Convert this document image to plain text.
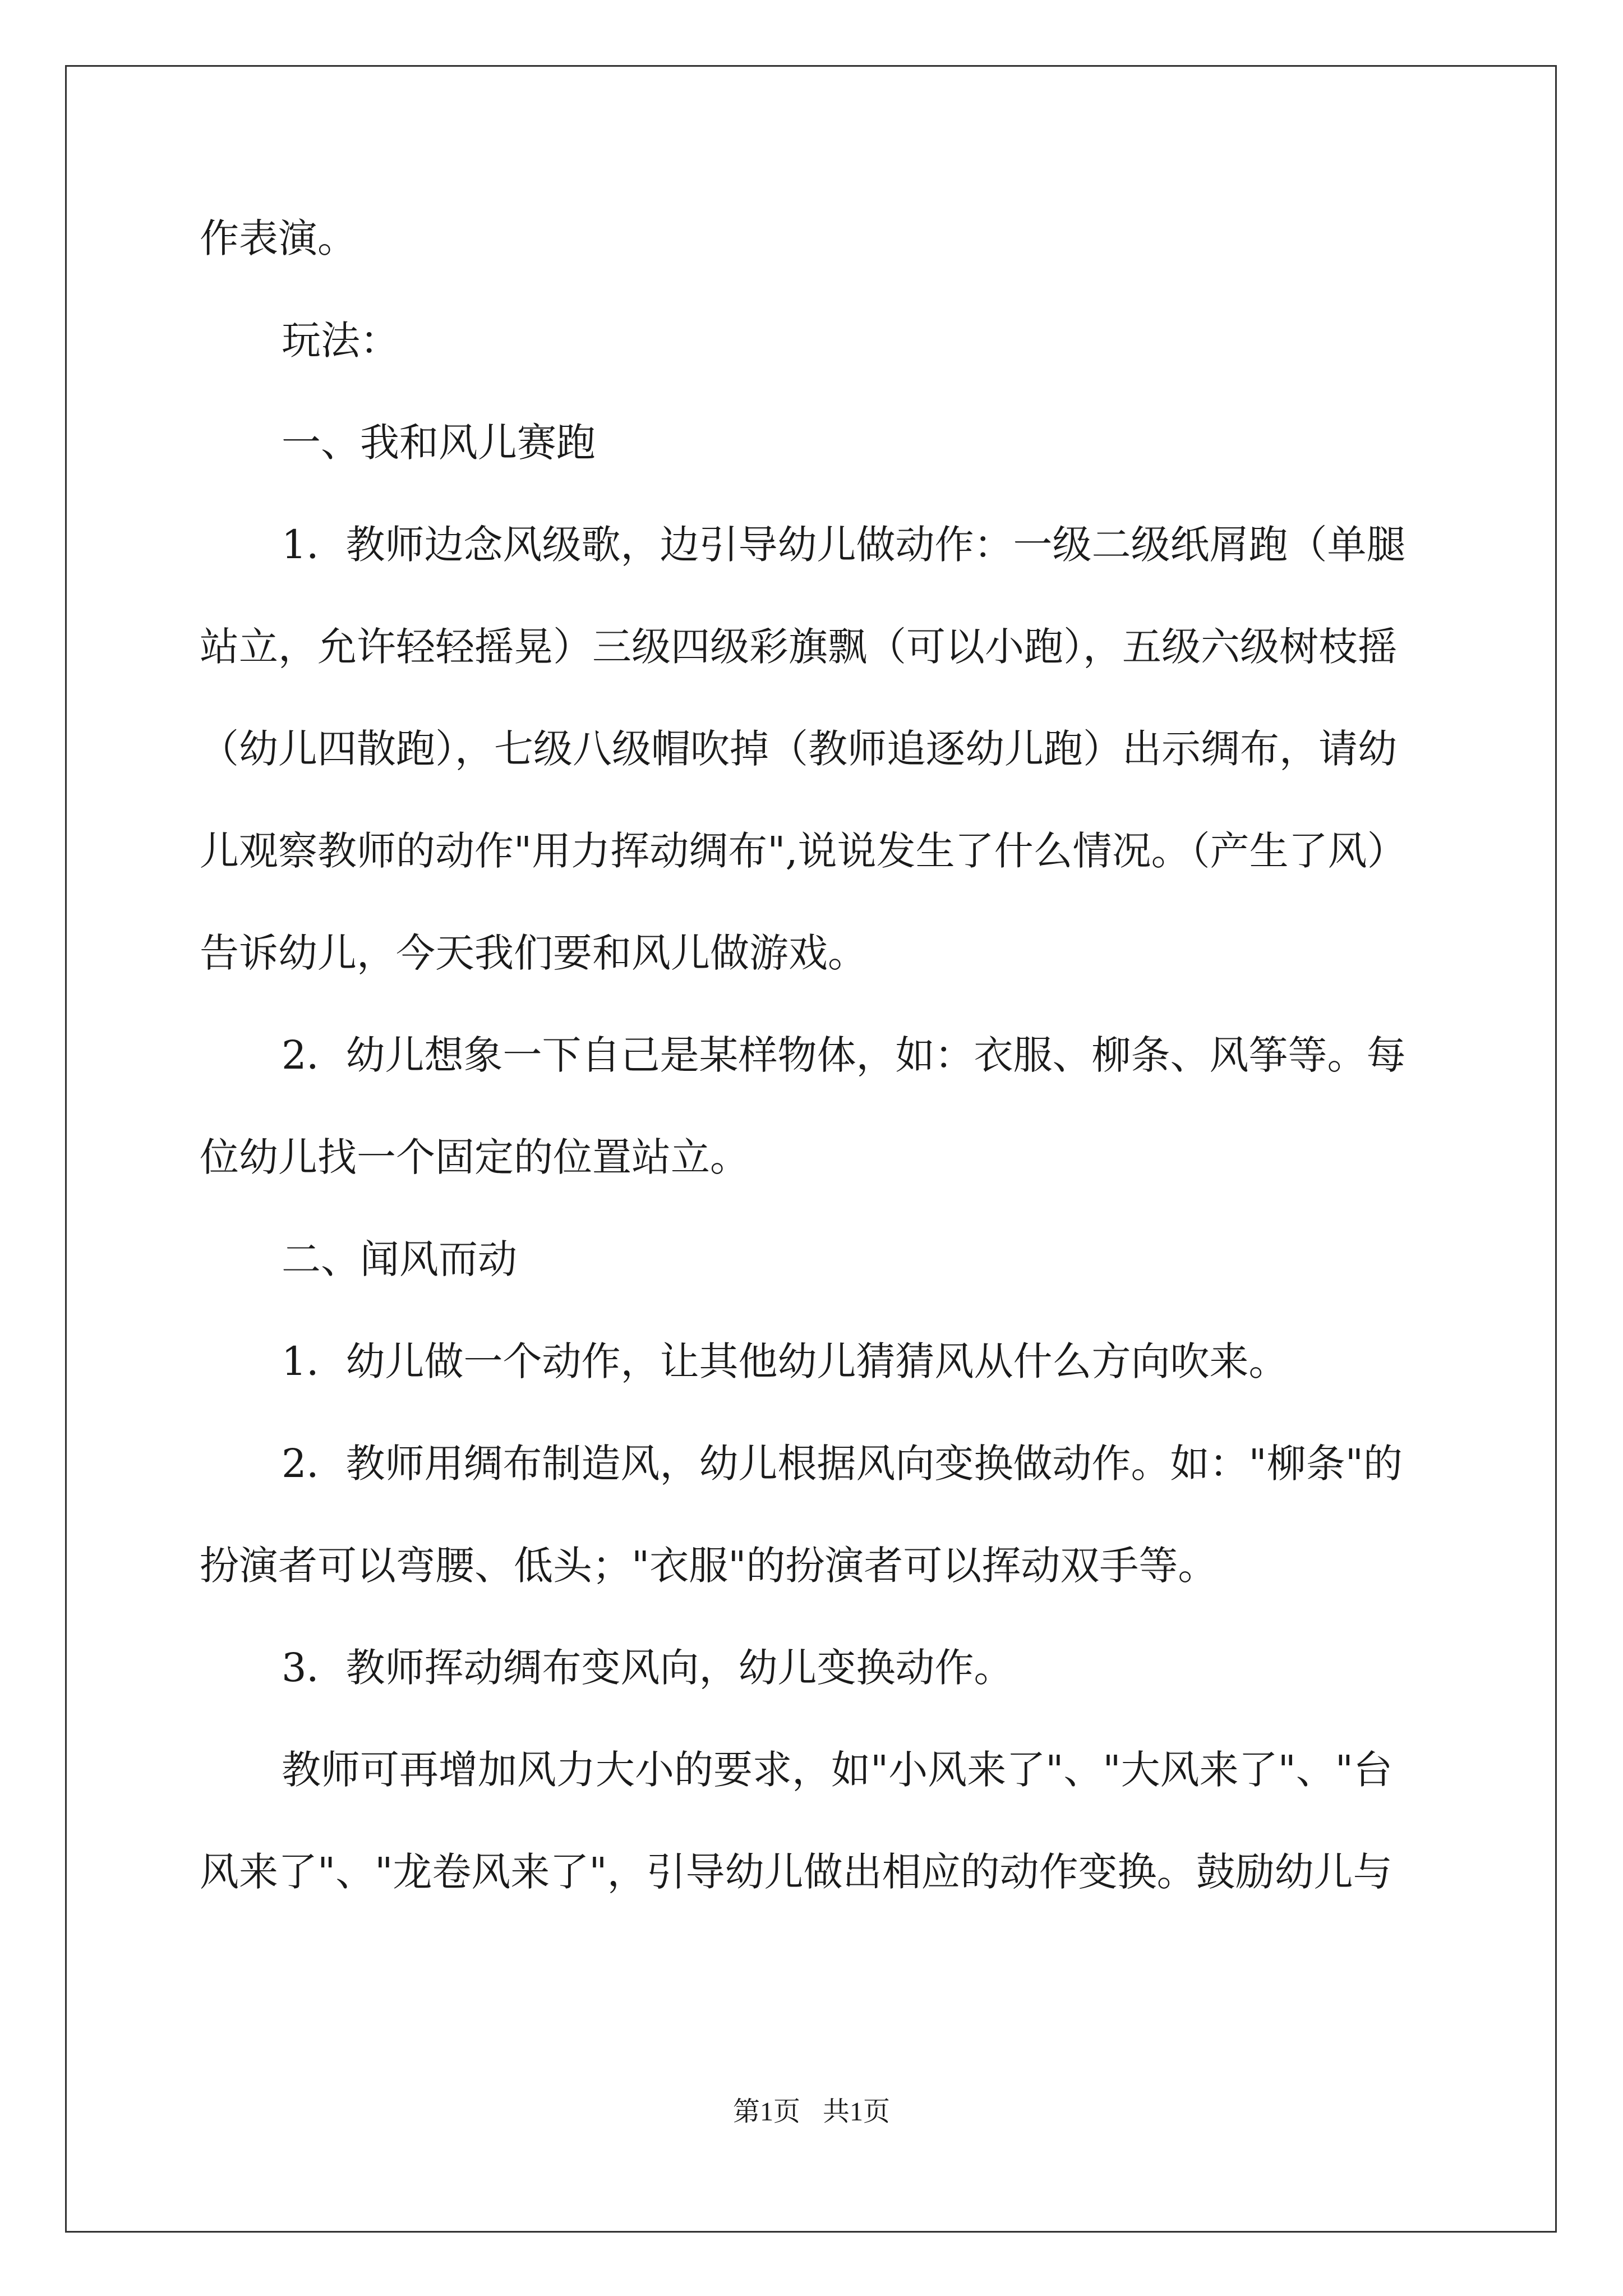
作表演。
玩法：
一、我和风儿赛跑
1．教师边念风级歌，边引导幼儿做动作：一级二级纸屑跑（单腿
站立，允许轻轻摇晃）三级四级彩旗飘（可以小跑），五级六级树枝摇
（幼儿四散跑），七级八级帽吹掉（教师追逐幼儿跑）出示绸布，请幼
儿观察教师的动作"用力挥动绸布",说说发生了什么情况。（产生了风）
告诉幼儿，今天我们要和风儿做游戏。
2．幼儿想象一下自己是某样物体，如：衣服、柳条、风筝等。每
位幼儿找一个固定的位置站立。
二、闻风而动
1．幼儿做一个动作，让其他幼儿猜猜风从什么方向吹来。
2．教师用绸布制造风，幼儿根据风向变换做动作。如："柳条"的
扮演者可以弯腰、低头；"衣服"的扮演者可以挥动双手等。
3．教师挥动绸布变风向，幼儿变换动作。
教师可再增加风力大小的要求，如"小风来了"、"大风来了"、"台
风来了"、"龙卷风来了"，引导幼儿做出相应的动作变换。鼓励幼儿与
第1页 共1页
